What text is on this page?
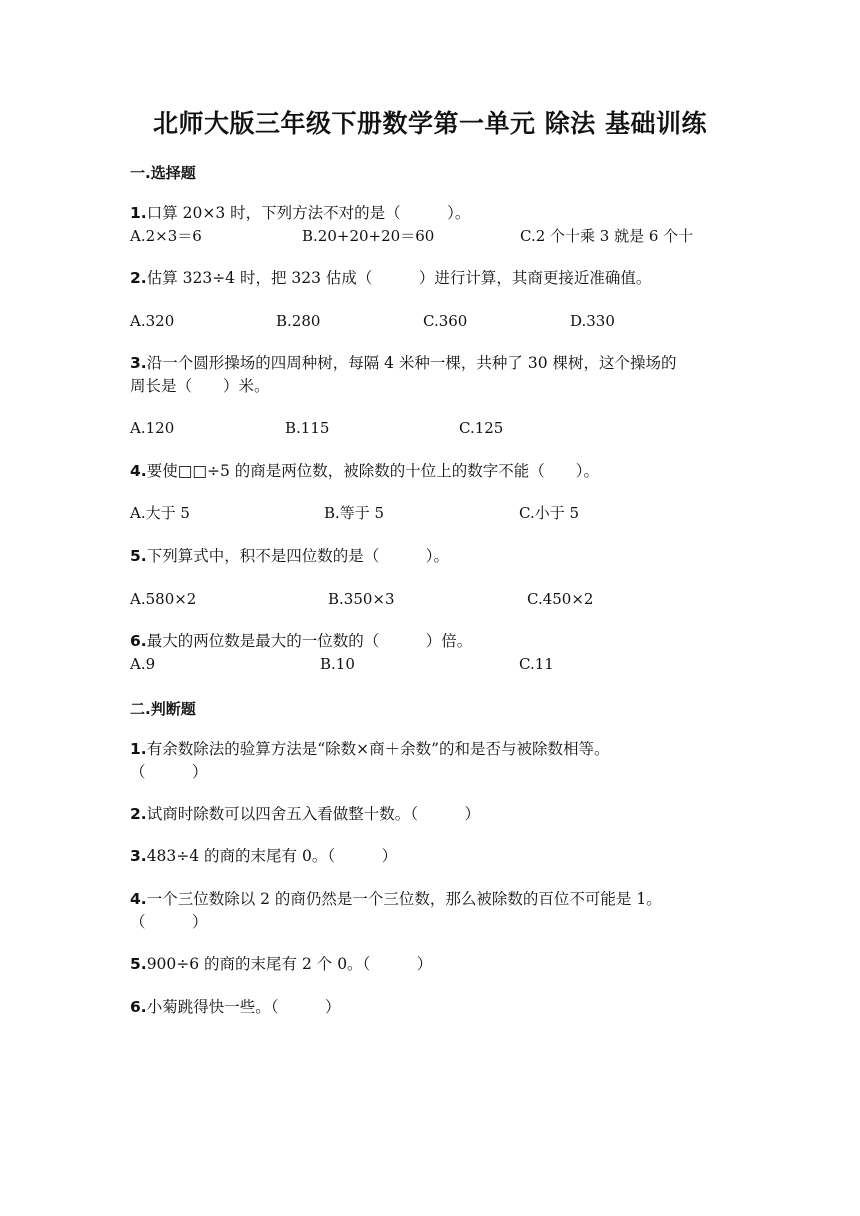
北师大版三年级下册数学第一单元 除法 基础训练
一.选择题
1.口算 20×3 时，下列方法不对的是（　　　）。
A.2×3＝6	B.20+20+20＝60	C.2 个十乘 3 就是 6 个十
2.估算 323÷4 时，把 323 估成（　　　）进行计算，其商更接近准确值。
A.320	B.280	C.360	D.330
3.沿一个圆形操场的四周种树，每隔 4 米种一棵，共种了 30 棵树，这个操场的
周长是（　　）米。
A.120	B.115	C.125
4.要使□□÷5 的商是两位数，被除数的十位上的数字不能（　　）。
A.大于 5	B.等于 5	C.小于 5
5.下列算式中，积不是四位数的是（　　　）。
A.580×2	B.350×3	C.450×2
6.最大的两位数是最大的一位数的（　　　）倍。
A.9	B.10	C.11
二.判断题
1.有余数除法的验算方法是“除数×商＋余数”的和是否与被除数相等。
（　　　）
2.试商时除数可以四舍五入看做整十数。（　　　）
3.483÷4 的商的末尾有 0。（　　　）
4.一个三位数除以 2 的商仍然是一个三位数，那么被除数的百位不可能是 1。
（　　　）
5.900÷6 的商的末尾有 2 个 0。（　　　）
6.小菊跳得快一些。（　　　）
